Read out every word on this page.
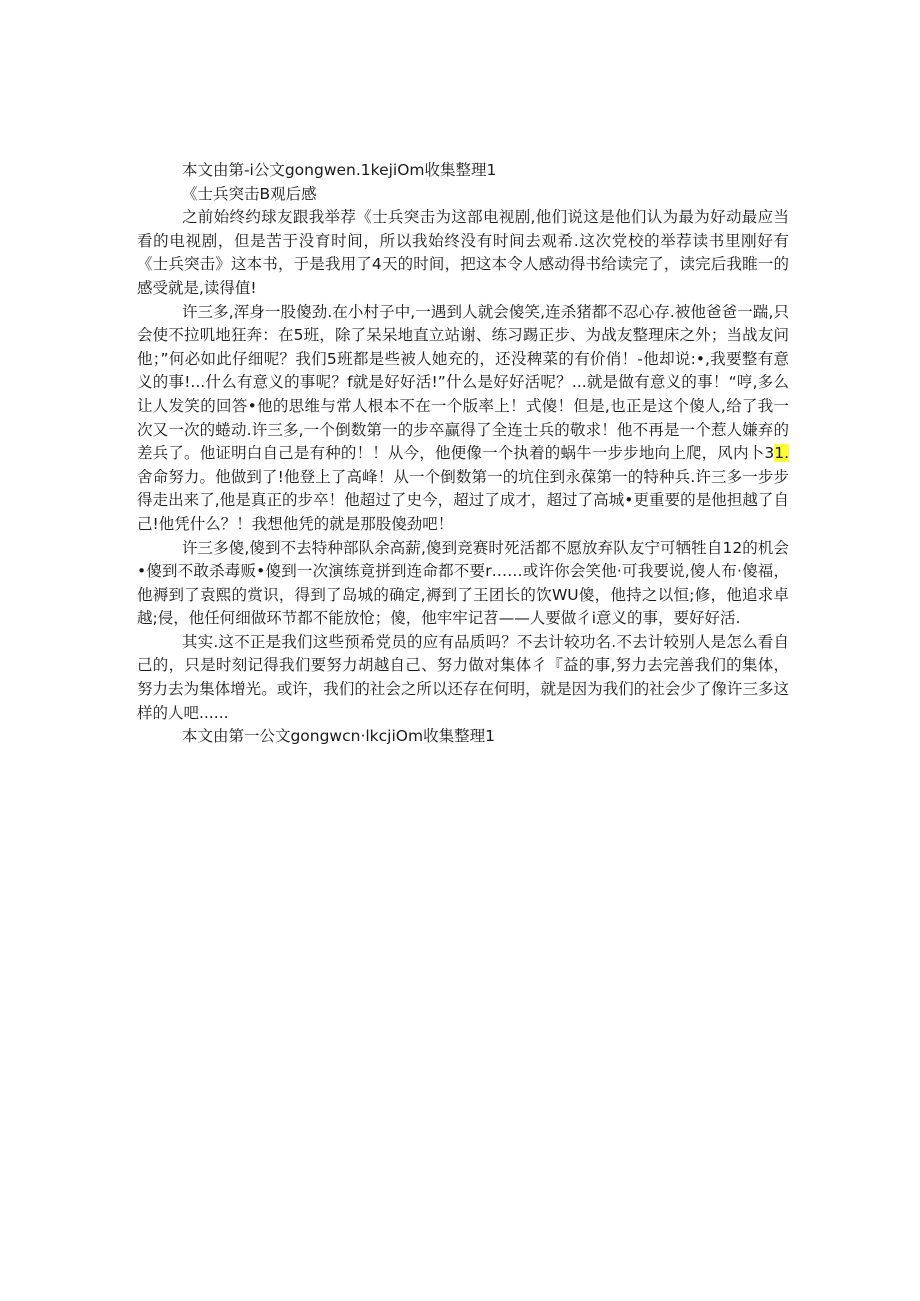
本文由第-i公文gongwen.1kejiOm收集整理1

《士兵突击B观后感

之前始终约球友跟我举荐《士兵突击为这部电视剧,他们说这是他们认为最为好动最应当看的电视剧，但是苦于没育时间，所以我始终没有时间去观希.这次党校的举荐读书里刚好有《士兵突击》这本书，于是我用了4天的时间，把这本令人感动得书给读完了，读完后我睢一的感受就是,读得值!

许三多,浑身一股傻劲.在小村子中,一遇到人就会傻笑,连杀猪都不忍心存.被他爸爸一踹,只会使不拉叽地狂奔：在5班，除了呆呆地直立站谢、练习踢正步、为战友整理床之外；当战友问他；”何必如此仔细呢？我们5班都是些被人她充的，还没稗菜的有价俏！-他却说:•,我要整有意义的事!...什么有意义的事呢？f就是好好活!”什么是好好活呢？...就是做有意义的事！“哼,多么让人发笑的回答•他的思维与常人根本不在一个版率上！式傻！但是,也正是这个傻人,给了我一次又一次的蜷动.许三多,一个倒数第一的步卒赢得了全连士兵的敬求！他不再是一个惹人嫌弃的差兵了。他证明白自己是有种的！！从今，他便像一个执着的蜗牛一步步地向上爬，风内卜31.舍命努力。他做到了!他登上了高峰！从一个倒数第一的坑住到永葆第一的特种兵.许三多一步步得走出来了,他是真正的步卒！他超过了史今，超过了成才，超过了高城•更重要的是他担越了自己!他凭什么？！我想他凭的就是那股傻劲吧！

许三多傻,傻到不去特种部队余高薪,傻到竞赛时死活都不愿放弃队友宁可牺牲自12的机会•傻到不敢杀毒贩•傻到一次演练竟拼到连命都不要r……或许你会笑他·可我要说,傻人布·傻福，他褥到了袁熙的赏识，得到了岛城的确定,褥到了王团长的饮WU傻，他持之以恒;修，他追求卓越;侵，他任何细做环节都不能放怆；傻，他牢牢记苕——人要做彳i意义的事，要好好活.

其实.这不正是我们这些预希党员的应有品质吗？不去计较功名.不去计较别人是怎么看自己的，只是时刻记得我们要努力胡越自己、努力做对集体彳『益的事,努力去完善我们的集体，努力去为集体增光。或许，我们的社会之所以还存在何明，就是因为我们的社会少了像许三多这样的人吧......

本文由第一公文gongwcn·lkcjiOm收集整理1
